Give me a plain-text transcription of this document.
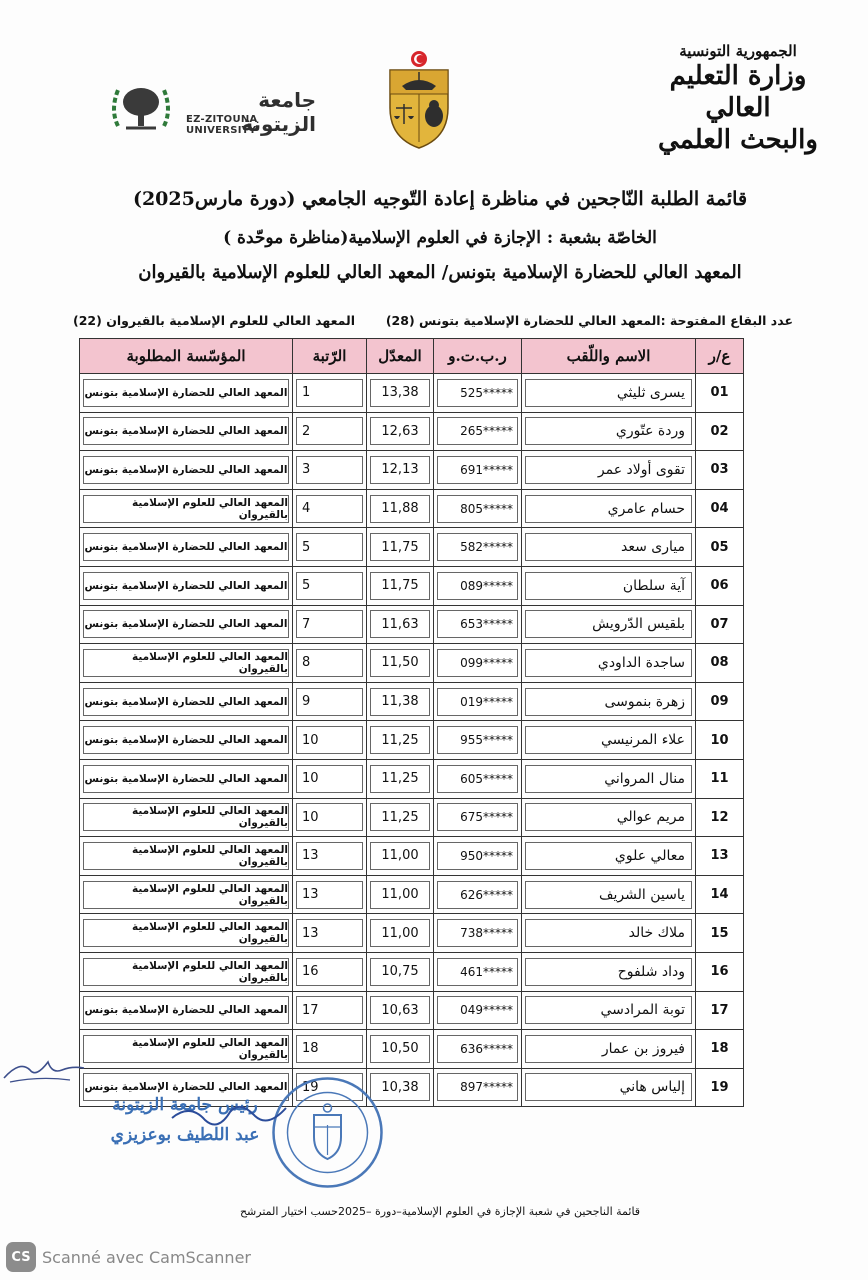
الجمهورية التونسية
وزارة التعليم العالي
والبحث العلمي
جامعة الزيتونة
EZ-ZITOUNA UNIVERSITY
قائمة الطلبة النّاجحين في مناظرة إعادة التّوجيه الجامعي (دورة مارس2025)
الخاصّة بشعبة : الإجازة في العلوم الإسلامية(مناظرة موحّدة )
المعهد العالي للحضارة الإسلامية بتونس/ المعهد العالي للعلوم الإسلامية بالقيروان
عدد البقاع المفتوحة :المعهد العالي للحضارة الإسلامية بتونس (28)
المعهد العالي للعلوم الإسلامية بالقيروان (22)
ع/ر	الاسم واللّقب	ر.ب.ت.و	المعدّل	الرّتبة	المؤسّسة المطلوبة
01	يسرى ثليثي	525*****	13,38	1	المعهد العالي للحضارة الإسلامية بتونس

02	وردة عتّوري	265*****	12,63	2	المعهد العالي للحضارة الإسلامية بتونس

03	تقوى أولاد عمر	691*****	12,13	3	المعهد العالي للحضارة الإسلامية بتونس

04	حسام عامري	805*****	11,88	4	المعهد العالي للعلوم الإسلامية بالقيروان

05	ميارى سعد	582*****	11,75	5	المعهد العالي للحضارة الإسلامية بتونس

06	آية سلطان	089*****	11,75	5	المعهد العالي للحضارة الإسلامية بتونس

07	بلقيس الدّرويش	653*****	11,63	7	المعهد العالي للحضارة الإسلامية بتونس

08	ساجدة الداودي	099*****	11,50	8	المعهد العالي للعلوم الإسلامية بالقيروان

09	زهرة بنموسى	019*****	11,38	9	المعهد العالي للحضارة الإسلامية بتونس

10	علاء المرنيسي	955*****	11,25	10	المعهد العالي للحضارة الإسلامية بتونس

11	منال المرواني	605*****	11,25	10	المعهد العالي للحضارة الإسلامية بتونس

12	مريم عوالي	675*****	11,25	10	المعهد العالي للعلوم الإسلامية بالقيروان

13	معالي علوي	950*****	11,00	13	المعهد العالي للعلوم الإسلامية بالقيروان

14	ياسين الشريف	626*****	11,00	13	المعهد العالي للعلوم الإسلامية بالقيروان

15	ملاك خالد	738*****	11,00	13	المعهد العالي للعلوم الإسلامية بالقيروان

16	وداد شلفوح	461*****	10,75	16	المعهد العالي للعلوم الإسلامية بالقيروان

17	توبة المرادسي	049*****	10,63	17	المعهد العالي للحضارة الإسلامية بتونس

18	فيروز بن عمار	636*****	10,50	18	المعهد العالي للعلوم الإسلامية بالقيروان

19	إلياس هاني	897*****	10,38	19	المعهد العالي للحضارة الإسلامية بتونس
رئيس جامعة الزيتونة
عبد اللطيف بوعزيزي
قائمة الناجحين في شعبة الإجازة في العلوم الإسلامية–دورة –2025حسب اختيار المترشح
CS Scanné avec CamScanner
